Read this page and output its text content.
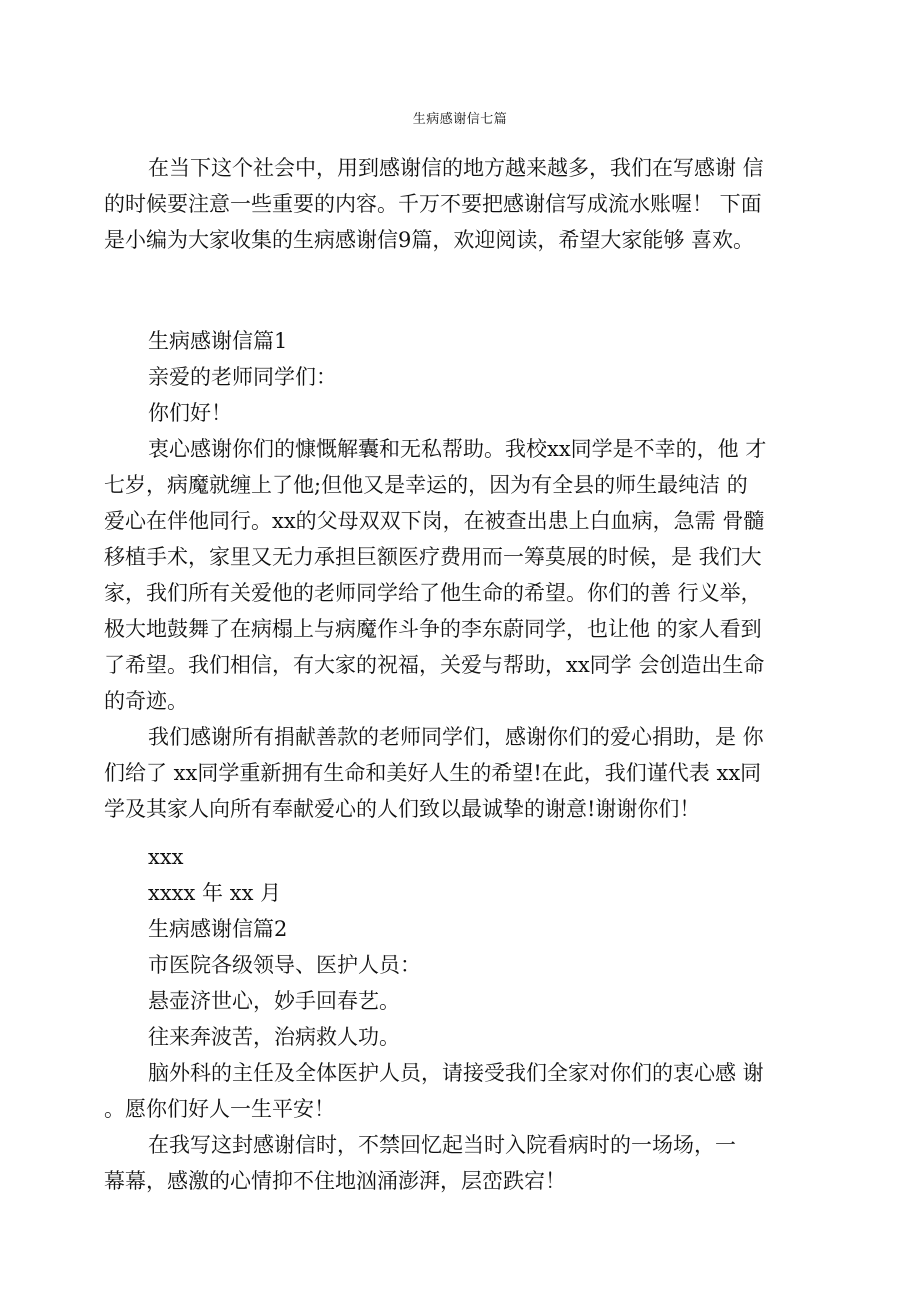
生病感谢信七篇
在当下这个社会中，用到感谢信的地方越来越多，我们在写感谢 信
的时候要注意一些重要的内容。千万不要把感谢信写成流水账喔！ 下面
是小编为大家收集的生病感谢信9篇，欢迎阅读，希望大家能够 喜欢。
生病感谢信篇1
亲爱的老师同学们：
你们好！
衷心感谢你们的慷慨解囊和无私帮助。我校xx同学是不幸的，他 才
七岁，病魔就缠上了他;但他又是幸运的，因为有全县的师生最纯洁 的
爱心在伴他同行。xx的父母双双下岗，在被查出患上白血病，急需 骨髓
移植手术，家里又无力承担巨额医疗费用而一筹莫展的时候，是 我们大
家，我们所有关爱他的老师同学给了他生命的希望。你们的善 行义举，
极大地鼓舞了在病榻上与病魔作斗争的李东蔚同学，也让他 的家人看到
了希望。我们相信，有大家的祝福，关爱与帮助，xx同学 会创造出生命
的奇迹。
我们感谢所有捐献善款的老师同学们，感谢你们的爱心捐助，是 你
们给了 xx同学重新拥有生命和美好人生的希望!在此，我们谨代表 xx同
学及其家人向所有奉献爱心的人们致以最诚挚的谢意!谢谢你们！
xxx
xxxx 年 xx 月
生病感谢信篇2
市医院各级领导、医护人员：
悬壶济世心，妙手回春艺。
往来奔波苦，治病救人功。
脑外科的主任及全体医护人员，请接受我们全家对你们的衷心感 谢
。愿你们好人一生平安！
在我写这封感谢信时，不禁回忆起当时入院看病时的一场场，一
幕幕，感激的心情抑不住地汹涌澎湃，层峦跌宕！
